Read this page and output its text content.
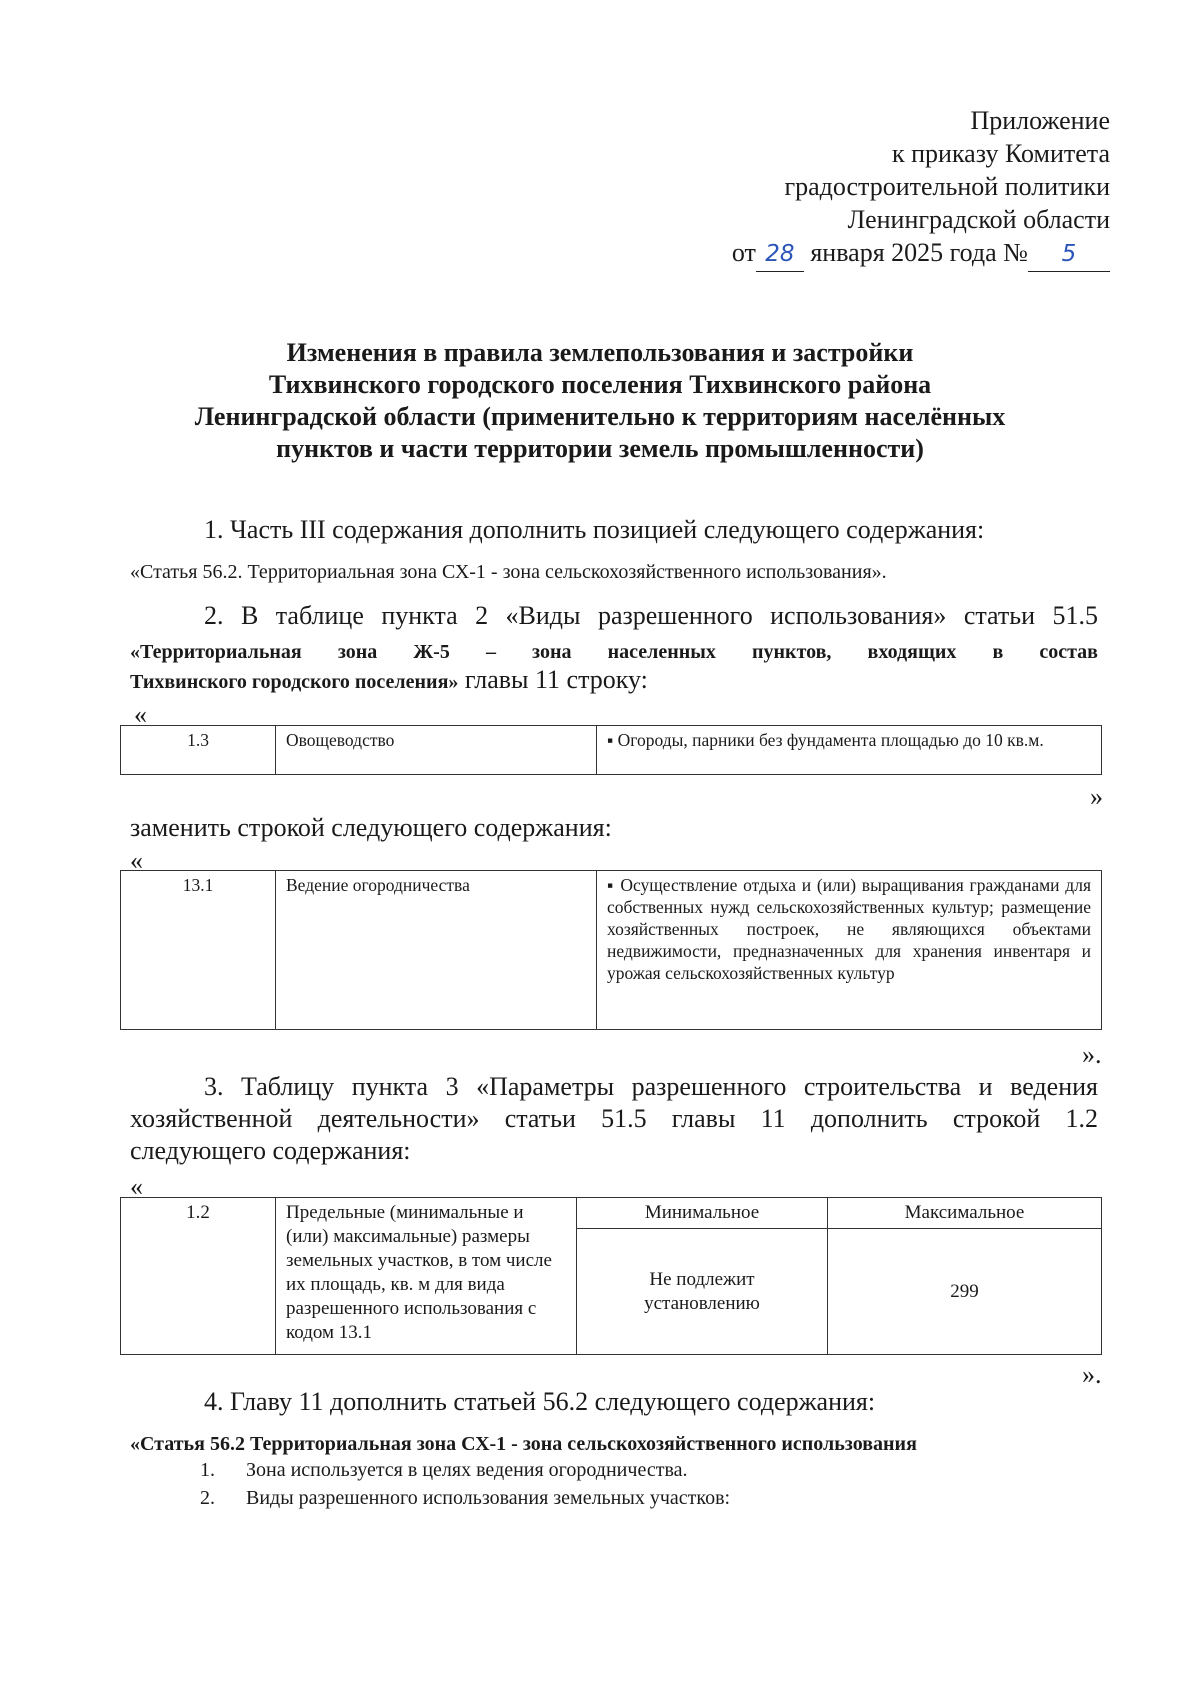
Приложение
к приказу Комитета
градостроительной политики
Ленинградской области
от 28 января 2025 года № 5
Изменения в правила землепользования и застройки
Тихвинского городского поселения Тихвинского района
Ленинградской области (применительно к территориям населённых
пунктов и части территории земель промышленности)
1. Часть III содержания дополнить позицией следующего содержания:
«Статья 56.2. Территориальная зона СХ-1 - зона сельскохозяйственного использования».
2. В таблице пункта 2 «Виды разрешенного использования» статьи 51.5
«Территориальная зона Ж-5 – зона населенных пунктов, входящих в состав
Тихвинского городского поселения» главы 11 строку:
«
1.3	Овощеводство	▪ Огороды, парники без фундамента площадью до 10 кв.м.
»
заменить строкой следующего содержания:
«
13.1	Ведение огородничества	▪ Осуществление отдыха и (или) выращивания гражданами для собственных нужд сельскохозяйственных культур; размещение хозяйственных построек, не являющихся объектами недвижимости, предназначенных для хранения инвентаря и урожая сельскохозяйственных культур
».
3. Таблицу пункта 3 «Параметры разрешенного строительства и ведения
хозяйственной деятельности» статьи 51.5 главы 11 дополнить строкой 1.2
следующего содержания:
«
1.2	Предельные (минимальные и (или) максимальные) размеры земельных участков, в том числе их площадь, кв. м для вида разрешенного использования с кодом 13.1	Минимальное	Максимальное
		Не подлежит установлению	299
».
4. Главу 11 дополнить статьей 56.2 следующего содержания:
«Статья 56.2 Территориальная зона СХ-1 - зона сельскохозяйственного использования
1. Зона используется в целях ведения огородничества.
2. Виды разрешенного использования земельных участков:
